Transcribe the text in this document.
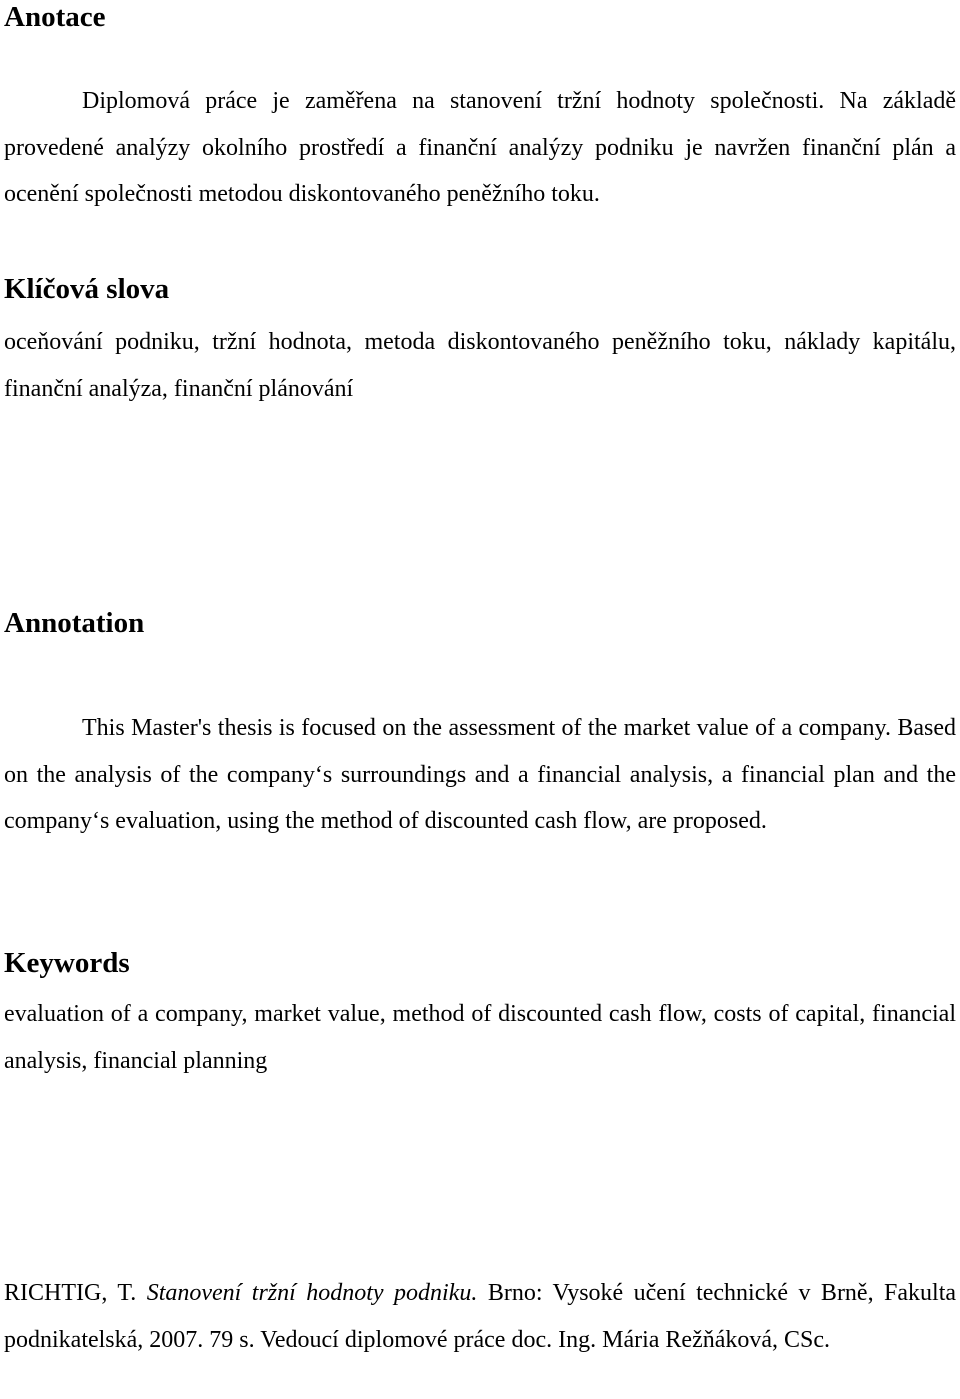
Anotace

Diplomová práce je zaměřena na stanovení tržní hodnoty společnosti. Na základě provedené analýzy okolního prostředí a finanční analýzy podniku je navržen finanční plán a ocenění společnosti metodou diskontovaného peněžního toku.

Klíčová slova

oceňování podniku, tržní hodnota, metoda diskontovaného peněžního toku, náklady kapitálu, finanční analýza, finanční plánování

Annotation

This Master's thesis is focused on the assessment of the market value of a company. Based on the analysis of the company‘s surroundings and a financial analysis, a financial plan and the company‘s evaluation, using the method of discounted cash flow, are proposed.

Keywords

evaluation of a company, market value, method of discounted cash flow, costs of capital, financial analysis, financial planning

RICHTIG, T. Stanovení tržní hodnoty podniku. Brno: Vysoké učení technické v Brně, Fakulta podnikatelská, 2007. 79 s. Vedoucí diplomové práce doc. Ing. Mária Režňáková, CSc.
